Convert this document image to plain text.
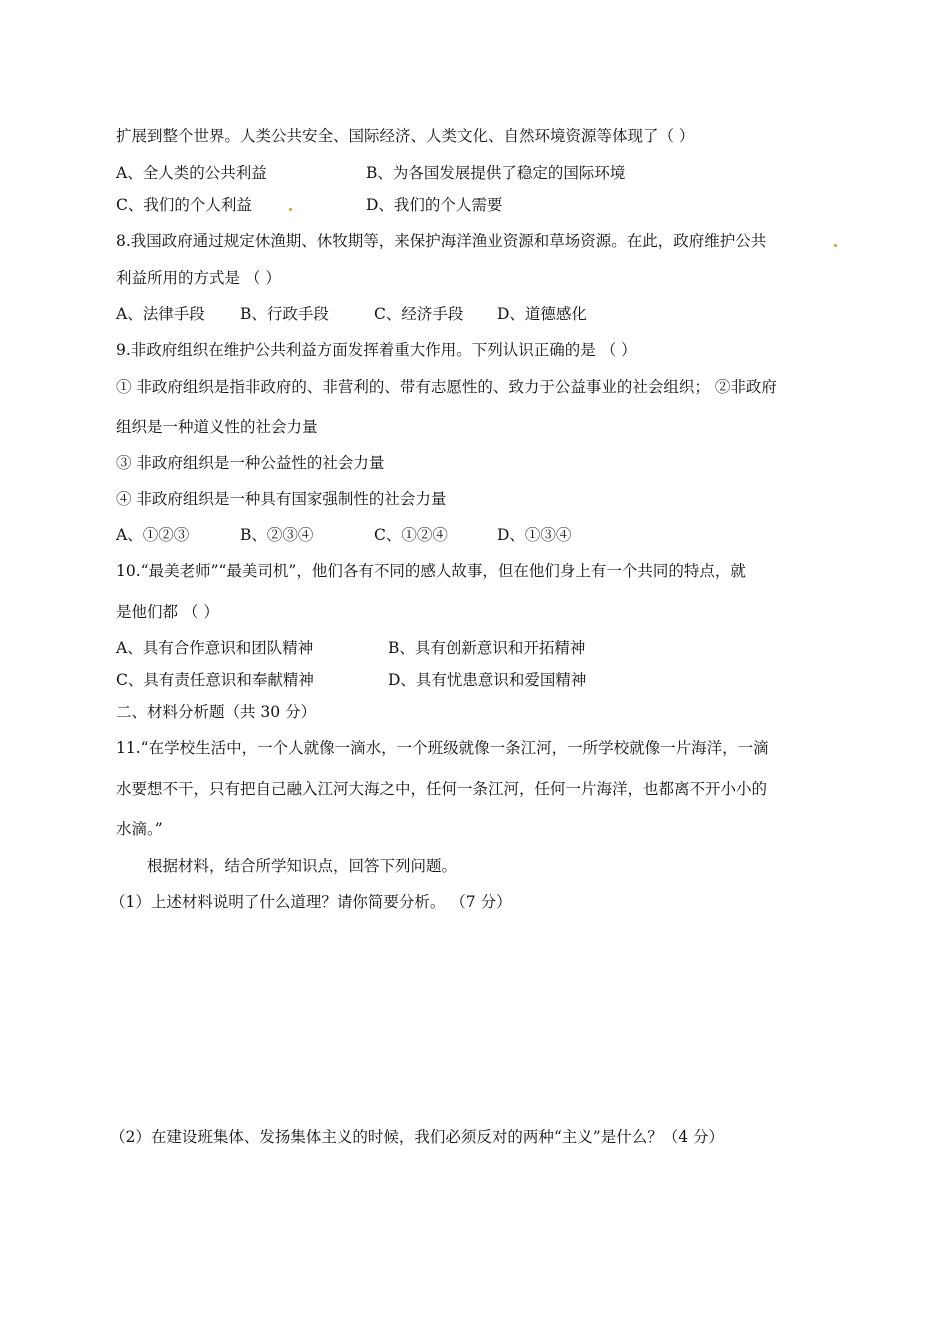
扩展到整个世界。人类公共安全、国际经济、人类文化、自然环境资源等体现了（ ）
A、全人类的公共利益	B、为各国发展提供了稳定的国际环境
C、我们的个人利益	D、我们的个人需要
8.我国政府通过规定休渔期、休牧期等，来保护海洋渔业资源和草场资源。在此，政府维护公共
利益所用的方式是 （ ）
A、法律手段 B、行政手段	C、经济手段 D、道德感化
9.非政府组织在维护公共利益方面发挥着重大作用。下列认识正确的是 （ ）
① 非政府组织是指非政府的、非营利的、带有志愿性的、致力于公益事业的社会组织； ②非政府
组织是一种道义性的社会力量
③ 非政府组织是一种公益性的社会力量
④ 非政府组织是一种具有国家强制性的社会力量
A、①②③	B、②③④	C、①②④	D、①③④
10.“最美老师”“最美司机”，他们各有不同的感人故事，但在他们身上有一个共同的特点，就
是他们都 （ ）
A、具有合作意识和团队精神	B、具有创新意识和开拓精神
C、具有责任意识和奉献精神	D、具有忧患意识和爱国精神
二、材料分析题（共 30 分）
11.“在学校生活中，一个人就像一滴水，一个班级就像一条江河，一所学校就像一片海洋，一滴
水要想不干，只有把自己融入江河大海之中，任何一条江河，任何一片海洋，也都离不开小小的
水滴。”
根据材料，结合所学知识点，回答下列问题。
（1）上述材料说明了什么道理？请你简要分析。 （7 分）
（2）在建设班集体、发扬集体主义的时候，我们必须反对的两种“主义”是什么？（4 分）
